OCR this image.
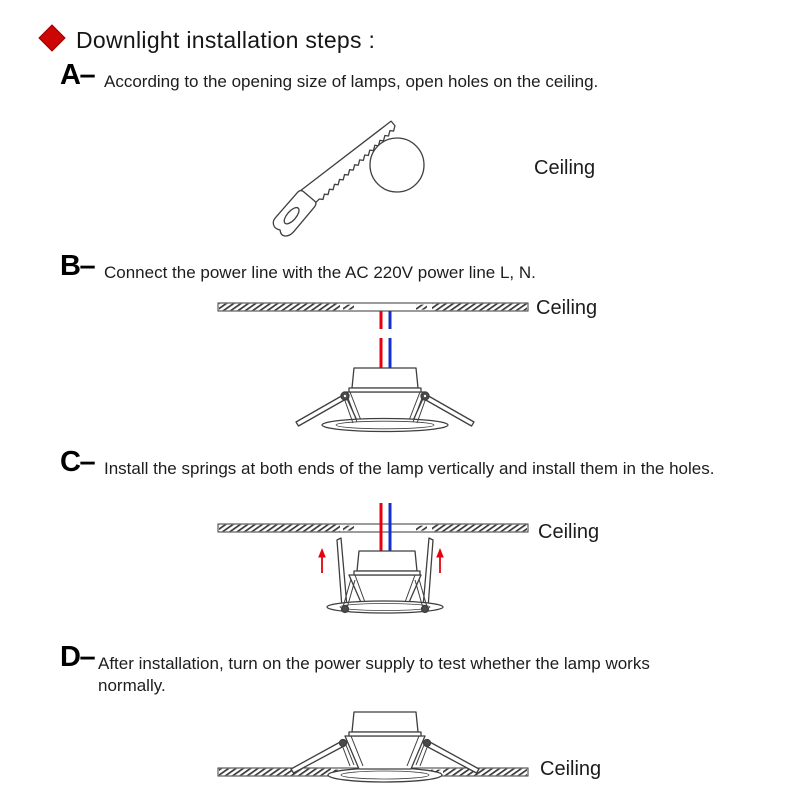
Downlight installation steps :
A– According to the opening size of lamps, open holes on the ceiling.
Ceiling
B– Connect the power line with the AC 220V power line L, N.
Ceiling
C– Install the springs at both ends of the lamp vertically and install them in the holes.
Ceiling
D– After installation, turn on the power supply to test whether the lamp works
normally.
Ceiling
